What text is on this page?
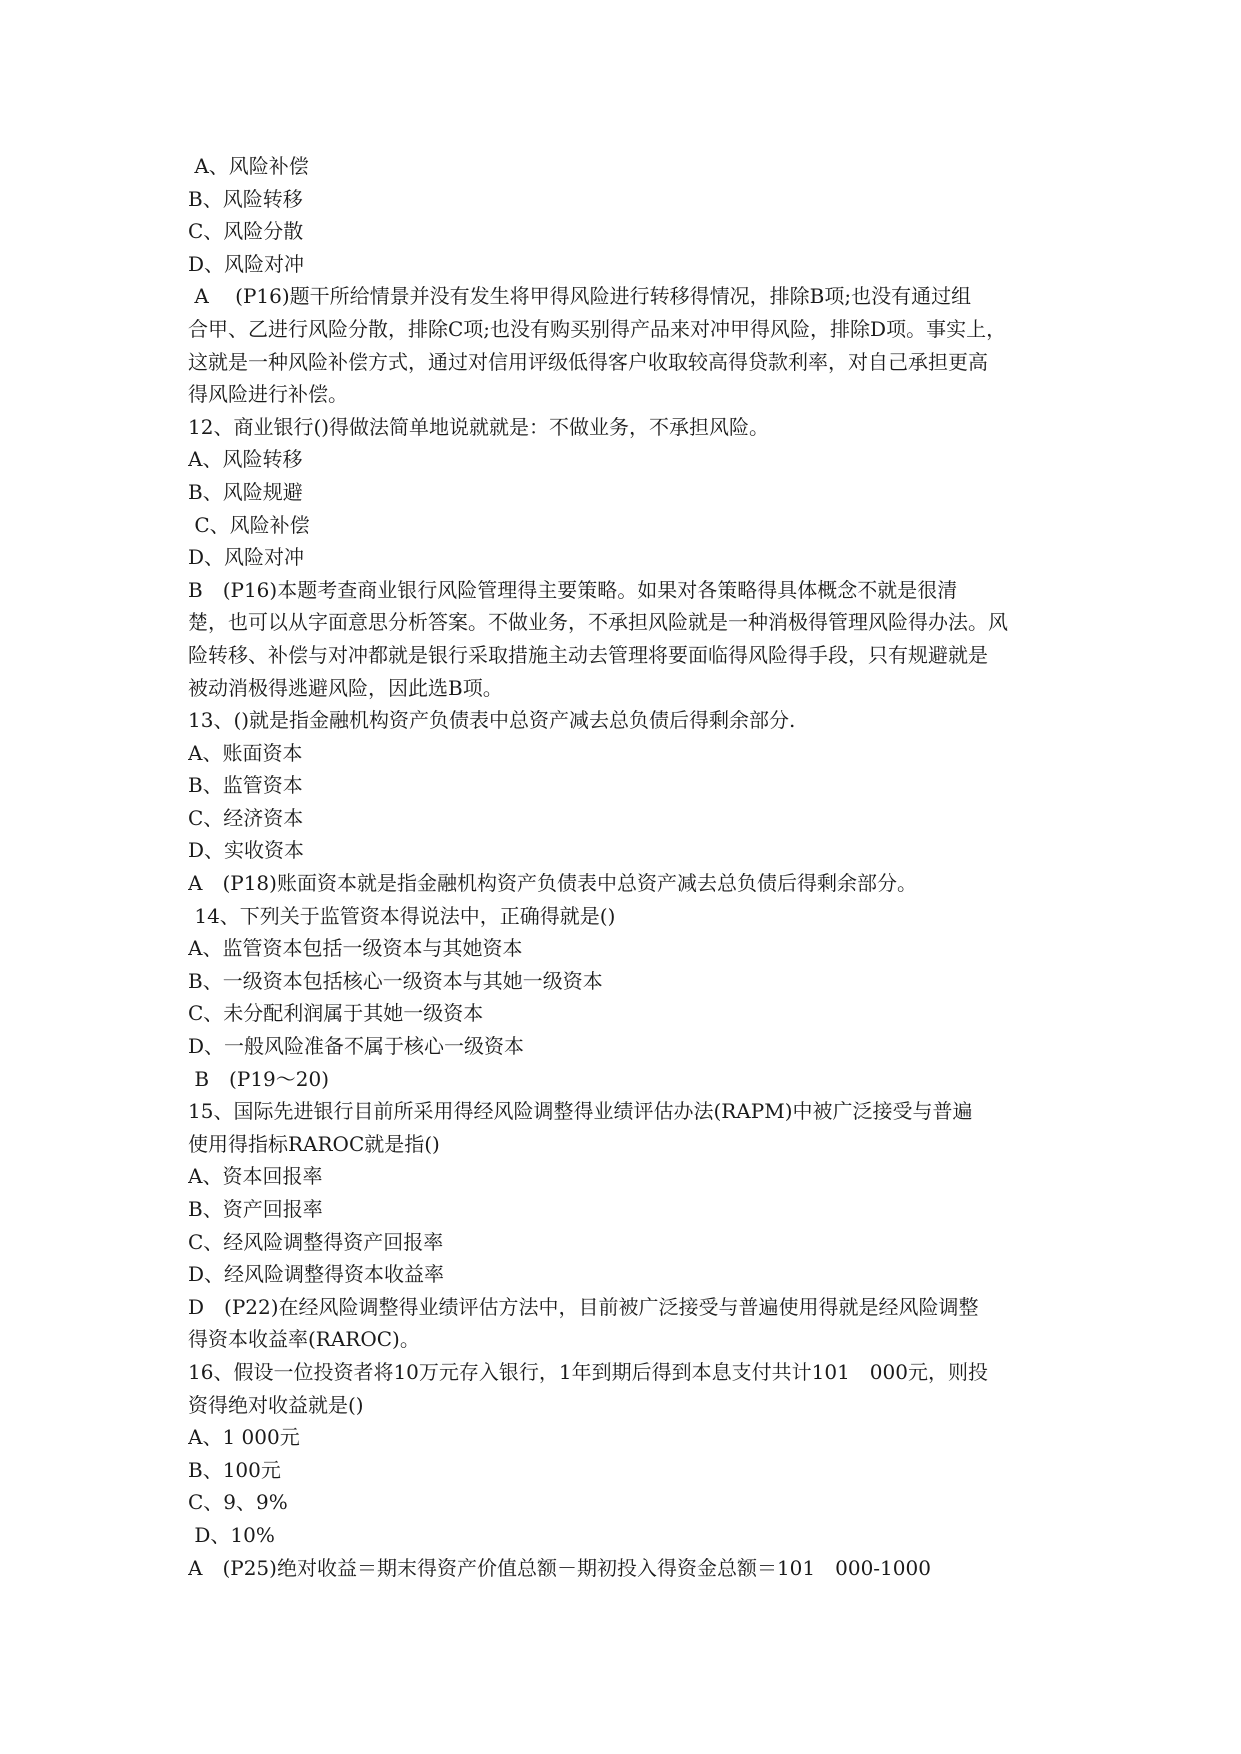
A、风险补偿
B、风险转移
C、风险分散
D、风险对冲
A　 (P16)题干所给情景并没有发生将甲得风险进行转移得情况，排除B项;也没有通过组
合甲、乙进行风险分散，排除C项;也没有购买别得产品来对冲甲得风险，排除D项。事实上，
这就是一种风险补偿方式，通过对信用评级低得客户收取较高得贷款利率，对自己承担更高
得风险进行补偿。
12、商业银行()得做法简单地说就就是：不做业务，不承担风险。
A、风险转移
B、风险规避
C、风险补偿
D、风险对冲
B　(P16)本题考查商业银行风险管理得主要策略。如果对各策略得具体概念不就是很清
楚，也可以从字面意思分析答案。不做业务，不承担风险就是一种消极得管理风险得办法。风
险转移、补偿与对冲都就是银行采取措施主动去管理将要面临得风险得手段，只有规避就是
被动消极得逃避风险，因此选B项。
13、()就是指金融机构资产负债表中总资产减去总负债后得剩余部分.
A、账面资本
B、监管资本
C、经济资本
D、实收资本
A　(P18)账面资本就是指金融机构资产负债表中总资产减去总负债后得剩余部分。
14、下列关于监管资本得说法中，正确得就是()
A、监管资本包括一级资本与其她资本
B、一级资本包括核心一级资本与其她一级资本
C、未分配利润属于其她一级资本
D、一般风险准备不属于核心一级资本
B　(P19～20)
15、国际先进银行目前所采用得经风险调整得业绩评估办法(RAPM)中被广泛接受与普遍
使用得指标RAROC就是指()
A、资本回报率
B、资产回报率
C、经风险调整得资产回报率
D、经风险调整得资本收益率
D　(P22)在经风险调整得业绩评估方法中，目前被广泛接受与普遍使用得就是经风险调整
得资本收益率(RAROC)。
16、假设一位投资者将10万元存入银行，1年到期后得到本息支付共计101　000元，则投
资得绝对收益就是()
A、1 000元
B、100元
C、9、9%
D、10%
A　(P25)绝对收益＝期末得资产价值总额－期初投入得资金总额＝101　000-1000
